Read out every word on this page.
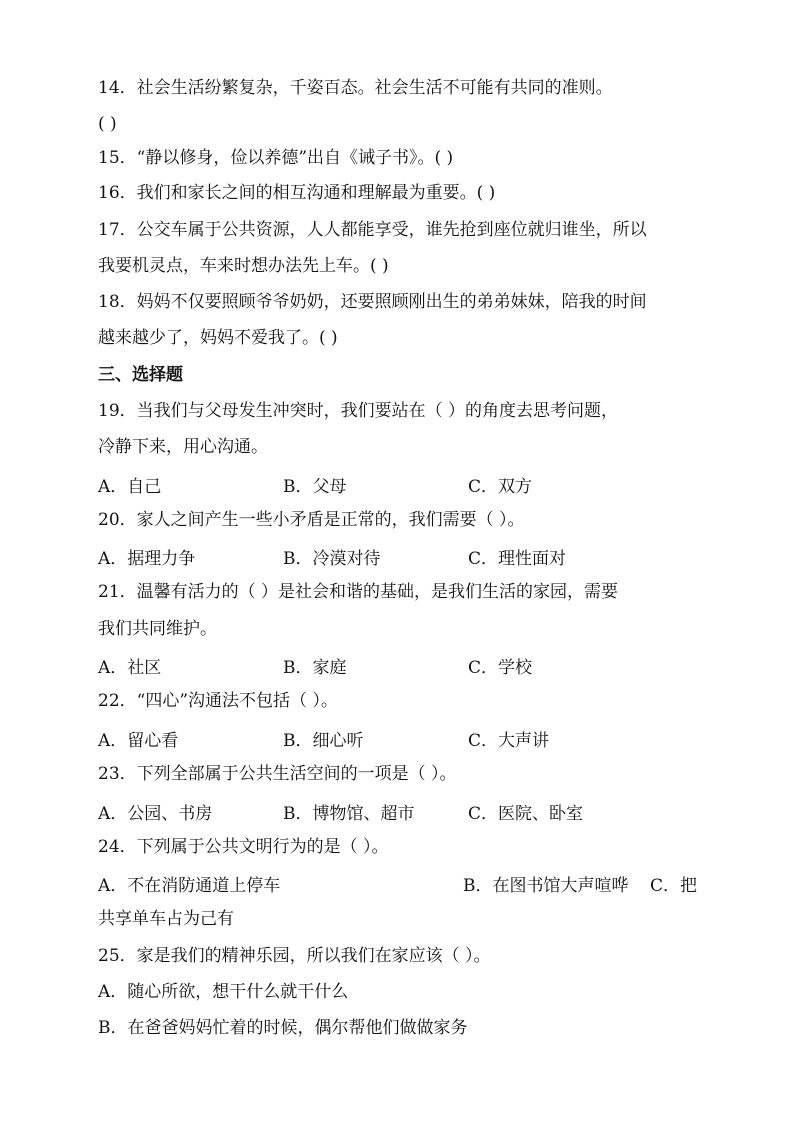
14．社会生活纷繁复杂，千姿百态。社会生活不可能有共同的准则。
( )
15．“静以修身，俭以养德”出自《诫子书》。( )
16．我们和家长之间的相互沟通和理解最为重要。( )
17．公交车属于公共资源，人人都能享受，谁先抢到座位就归谁坐，所以
我要机灵点，车来时想办法先上车。( )
18．妈妈不仅要照顾爷爷奶奶，还要照顾刚出生的弟弟妹妹，陪我的时间
越来越少了，妈妈不爱我了。( )
三、选择题
19．当我们与父母发生冲突时，我们要站在（ ）的角度去思考问题，
冷静下来，用心沟通。
A．自己	B．父母	C．双方
20．家人之间产生一些小矛盾是正常的，我们需要（ ）。
A．据理力争	B．冷漠对待	C．理性面对
21．温馨有活力的（ ）是社会和谐的基础，是我们生活的家园，需要
我们共同维护。
A．社区	B．家庭	C．学校
22．“四心”沟通法不包括（ ）。
A．留心看	B．细心听	C．大声讲
23．下列全部属于公共生活空间的一项是（ ）。
A．公园、书房	B．博物馆、超市	C．医院、卧室
24．下列属于公共文明行为的是（ ）。
A．不在消防通道上停车	B．在图书馆大声喧哗 C．把
共享单车占为己有
25．家是我们的精神乐园，所以我们在家应该（ ）。
A．随心所欲，想干什么就干什么
B．在爸爸妈妈忙着的时候，偶尔帮他们做做家务
